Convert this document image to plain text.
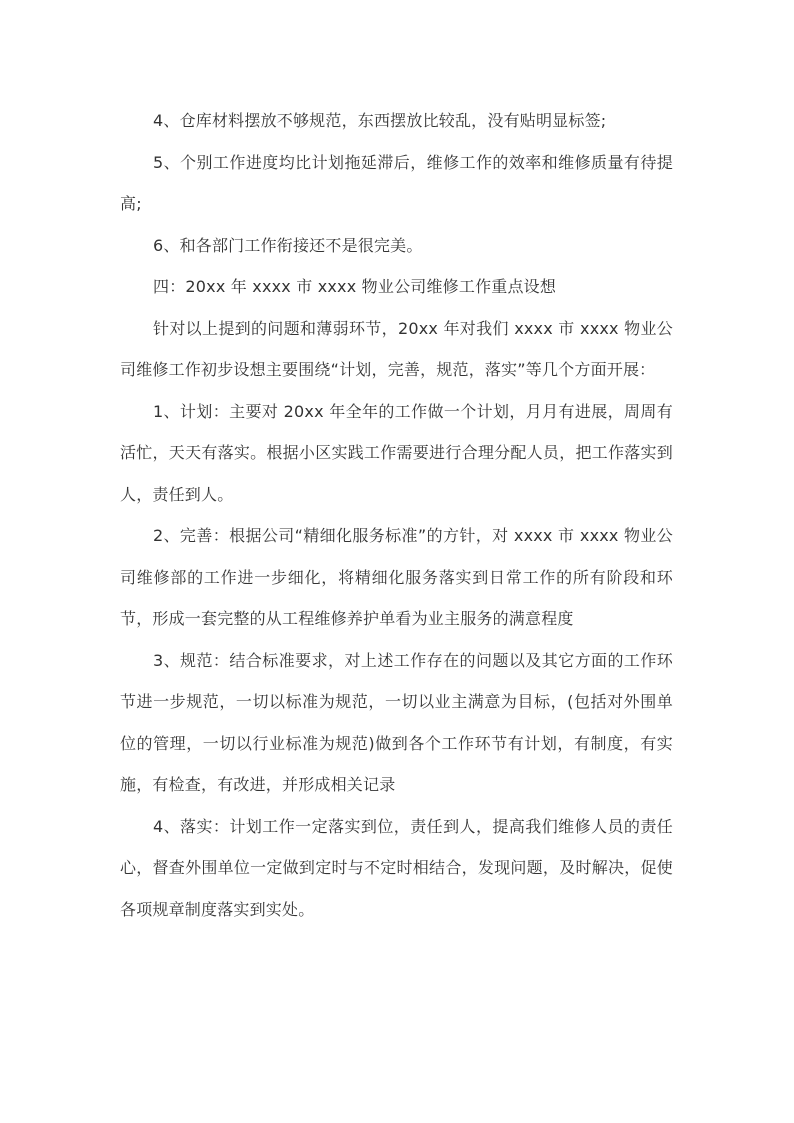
4、仓库材料摆放不够规范，东西摆放比较乱，没有贴明显标签;

5、个别工作进度均比计划拖延滞后，维修工作的效率和维修质量有待提高;

6、和各部门工作衔接还不是很完美。

四：20xx 年 xxxx 市 xxxx 物业公司维修工作重点设想

针对以上提到的问题和薄弱环节，20xx 年对我们 xxxx 市 xxxx 物业公司维修工作初步设想主要围绕“计划，完善，规范，落实”等几个方面开展：

1、计划：主要对 20xx 年全年的工作做一个计划，月月有进展，周周有活忙，天天有落实。根据小区实践工作需要进行合理分配人员，把工作落实到人，责任到人。

2、完善：根据公司“精细化服务标准”的方针，对 xxxx 市 xxxx 物业公司维修部的工作进一步细化，将精细化服务落实到日常工作的所有阶段和环节，形成一套完整的从工程维修养护单看为业主服务的满意程度

3、规范：结合标准要求，对上述工作存在的问题以及其它方面的工作环节进一步规范，一切以标准为规范，一切以业主满意为目标，(包括对外围单位的管理，一切以行业标准为规范)做到各个工作环节有计划，有制度，有实施，有检查，有改进，并形成相关记录

4、落实：计划工作一定落实到位，责任到人，提高我们维修人员的责任心，督查外围单位一定做到定时与不定时相结合，发现问题，及时解决，促使各项规章制度落实到实处。
